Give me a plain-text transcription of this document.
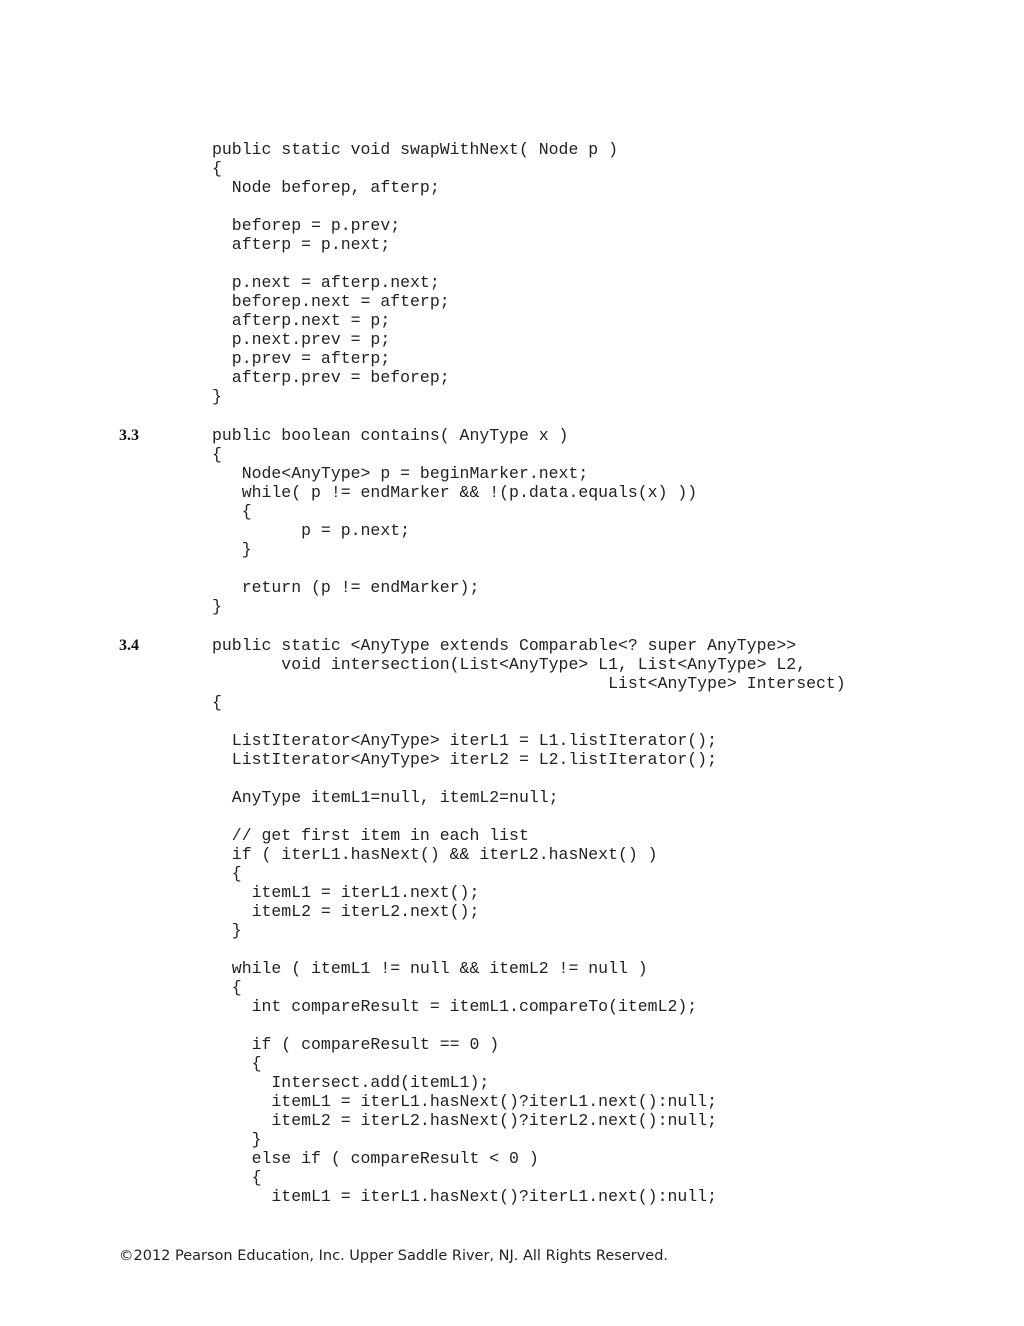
public static void swapWithNext( Node p )
{
Node beforep, afterp;

beforep = p.prev;
afterp = p.next;

p.next = afterp.next;
beforep.next = afterp;
afterp.next = p;
p.next.prev = p;
p.prev = afterp;
afterp.prev = beforep;
}
3.3	public boolean contains( AnyType x )
{
Node<AnyType> p = beginMarker.next;
while( p != endMarker && !(p.data.equals(x) ))
{
p = p.next;
}

return (p != endMarker);
}
3.4	public static <AnyType extends Comparable<? super AnyType>>
void intersection(List<AnyType> L1, List<AnyType> L2,
List<AnyType> Intersect)
{

ListIterator<AnyType> iterL1 = L1.listIterator();
ListIterator<AnyType> iterL2 = L2.listIterator();

AnyType itemL1=null, itemL2=null;

// get first item in each list
if ( iterL1.hasNext() && iterL2.hasNext() )
{
itemL1 = iterL1.next();
itemL2 = iterL2.next();
}

while ( itemL1 != null && itemL2 != null )
{
int compareResult = itemL1.compareTo(itemL2);

if ( compareResult == 0 )
{
Intersect.add(itemL1);
itemL1 = iterL1.hasNext()?iterL1.next():null;
itemL2 = iterL2.hasNext()?iterL2.next():null;
}
else if ( compareResult < 0 )
{
itemL1 = iterL1.hasNext()?iterL1.next():null;
©2012 Pearson Education, Inc. Upper Saddle River, NJ. All Rights Reserved.
